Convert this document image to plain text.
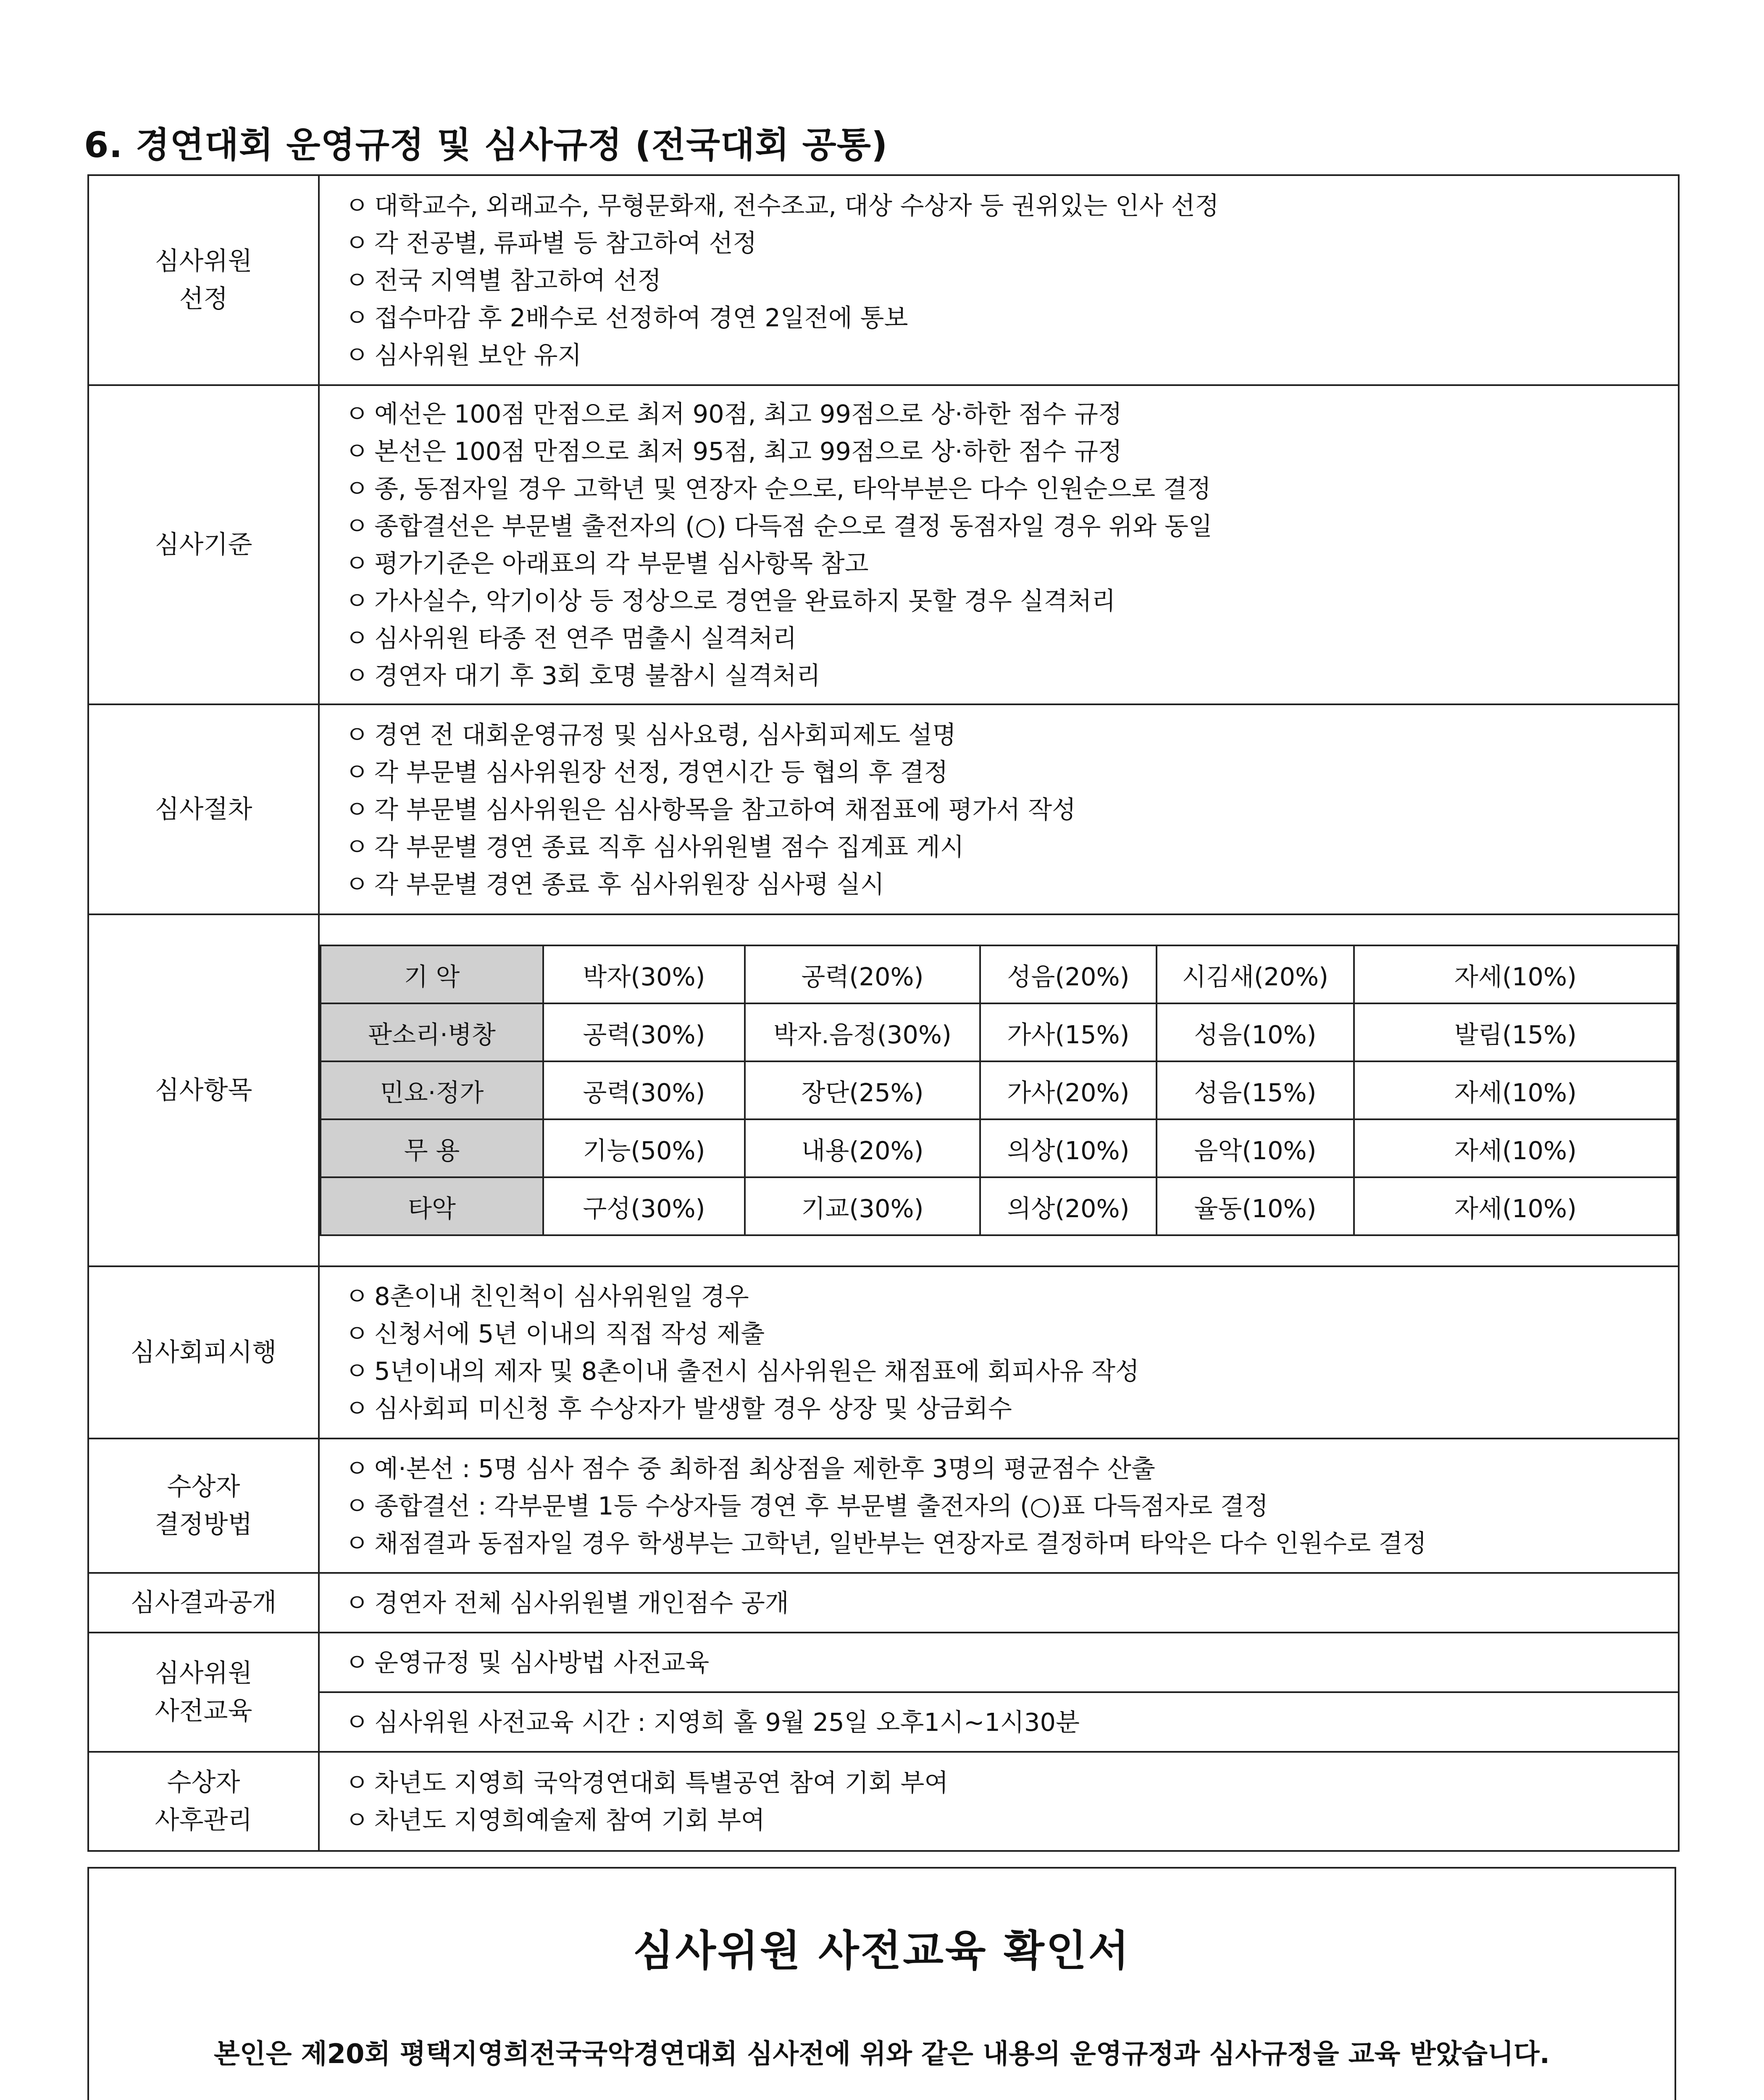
6. 경연대회 운영규정 및 심사규정 (전국대회 공통)
심사위원
선정

ㅇ 대학교수, 외래교수, 무형문화재, 전수조교, 대상 수상자 등 권위있는 인사 선정
ㅇ 각 전공별, 류파별 등 참고하여 선정
ㅇ 전국 지역별 참고하여 선정
ㅇ 접수마감 후 2배수로 선정하여 경연 2일전에 통보
ㅇ 심사위원 보안 유지

심사기준	
ㅇ 예선은 100점 만점으로 최저 90점, 최고 99점으로 상·하한 점수 규정
ㅇ 본선은 100점 만점으로 최저 95점, 최고 99점으로 상·하한 점수 규정
ㅇ 종, 동점자일 경우 고학년 및 연장자 순으로, 타악부분은 다수 인원순으로 결정
ㅇ 종합결선은 부문별 출전자의 (○) 다득점 순으로 결정 동점자일 경우 위와 동일
ㅇ 평가기준은 아래표의 각 부문별 심사항목 참고
ㅇ 가사실수, 악기이상 등 정상으로 경연을 완료하지 못할 경우 실격처리
ㅇ 심사위원 타종 전 연주 멈출시 실격처리
ㅇ 경연자 대기 후 3회 호명 불참시 실격처리

심사절차	
ㅇ 경연 전 대회운영규정 및 심사요령, 심사회피제도 설명
ㅇ 각 부문별 심사위원장 선정, 경연시간 등 협의 후 결정
ㅇ 각 부문별 심사위원은 심사항목을 참고하여 채점표에 평가서 작성
ㅇ 각 부문별 경연 종료 직후 심사위원별 점수 집계표 게시
ㅇ 각 부문별 경연 종료 후 심사위원장 심사평 실시

심사항목	
기 악	박자(30%)	공력(20%)	성음(20%)	시김새(20%)	자세(10%)
판소리·병창	공력(30%)	박자.음정(30%)	가사(15%)	성음(10%)	발림(15%)
민요·정가	공력(30%)	장단(25%)	가사(20%)	성음(15%)	자세(10%)
무 용	기능(50%)	내용(20%)	의상(10%)	음악(10%)	자세(10%)
타악	구성(30%)	기교(30%)	의상(20%)	율동(10%)	자세(10%)

심사회피시행	
ㅇ 8촌이내 친인척이 심사위원일 경우
ㅇ 신청서에 5년 이내의 직접 작성 제출
ㅇ 5년이내의 제자 및 8촌이내 출전시 심사위원은 채점표에 회피사유 작성
ㅇ 심사회피 미신청 후 수상자가 발생할 경우 상장 및 상금회수

수상자
결정방법

ㅇ 예·본선 : 5명 심사 점수 중 최하점 최상점을 제한후 3명의 평균점수 산출
ㅇ 종합결선 : 각부문별 1등 수상자들 경연 후 부문별 출전자의 (○)표 다득점자로 결정
ㅇ 채점결과 동점자일 경우 학생부는 고학년, 일반부는 연장자로 결정하며 타악은 다수 인원수로 결정

심사결과공개	ㅇ 경연자 전체 심사위원별 개인점수 공개

심사위원
사전교육

ㅇ 운영규정 및 심사방법 사전교육

ㅇ 심사위원 사전교육 시간 : 지영희 홀 9월 25일 오후1시~1시30분

수상자
사후관리

ㅇ 차년도 지영희 국악경연대회 특별공연 참여 기회 부여
ㅇ 차년도 지영희예술제 참여 기회 부여
심사위원 사전교육 확인서
본인은 제20회 평택지영희전국국악경연대회 심사전에 위와 같은 내용의 운영규정과 심사규정을 교육 받았습니다.
